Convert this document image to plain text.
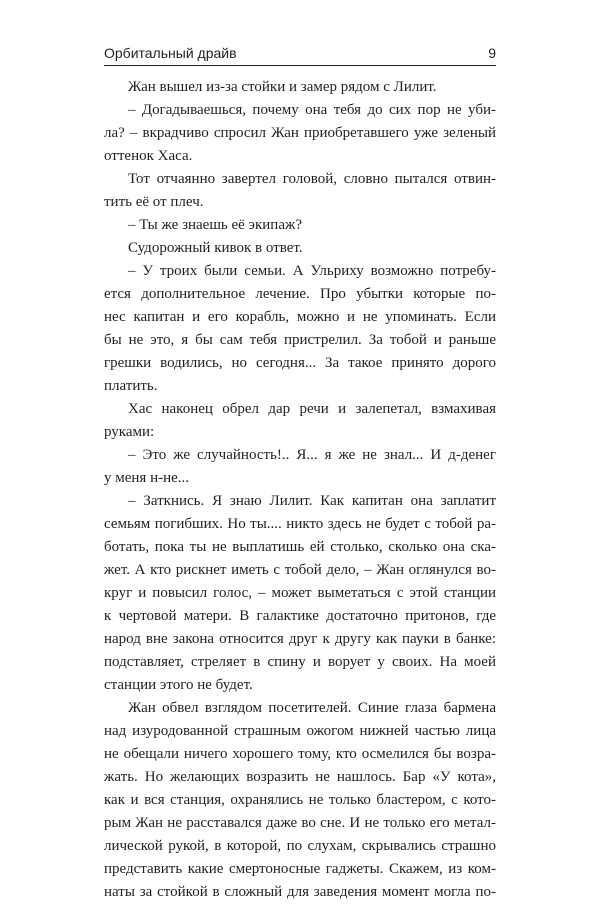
Орбитальный драйв	9
Жан вышел из-за стойки и замер рядом с Лилит.
– Догадываешься, почему она тебя до сих пор не уби-
ла? – вкрадчиво спросил Жан приобретавшего уже зеленый
оттенок Хаса.
Тот отчаянно завертел головой, словно пытался отвин-
тить её от плеч.
– Ты же знаешь её экипаж?
Судорожный кивок в ответ.
– У троих были семьи. А Ульриху возможно потребу-
ется дополнительное лечение. Про убытки которые по-
нес капитан и его корабль, можно и не упоминать. Если
бы не это, я бы сам тебя пристрелил. За тобой и раньше
грешки водились, но сегодня... За такое принято дорого
платить.
Хас наконец обрел дар речи и залепетал, взмахивая
руками:
– Это же случайность!.. Я... я же не знал... И д-денег
у меня н-не...
– Заткнись. Я знаю Лилит. Как капитан она заплатит
семьям погибших. Но ты.... никто здесь не будет с тобой ра-
ботать, пока ты не выплатишь ей столько, сколько она ска-
жет. А кто рискнет иметь с тобой дело, – Жан оглянулся во-
круг и повысил голос, – может выметаться с этой станции
к чертовой матери. В галактике достаточно притонов, где
народ вне закона относится друг к другу как пауки в банке:
подставляет, стреляет в спину и ворует у своих. На моей
станции этого не будет.
Жан обвел взглядом посетителей. Синие глаза бармена
над изуродованной страшным ожогом нижней частью лица
не обещали ничего хорошего тому, кто осмелился бы возра-
жать. Но желающих возразить не нашлось. Бар «У кота»,
как и вся станция, охранялись не только бластером, с кото-
рым Жан не расставался даже во сне. И не только его метал-
лической рукой, в которой, по слухам, скрывались страшно
представить какие смертоносные гаджеты. Скажем, из ком-
наты за стойкой в сложный для заведения момент могла по-
